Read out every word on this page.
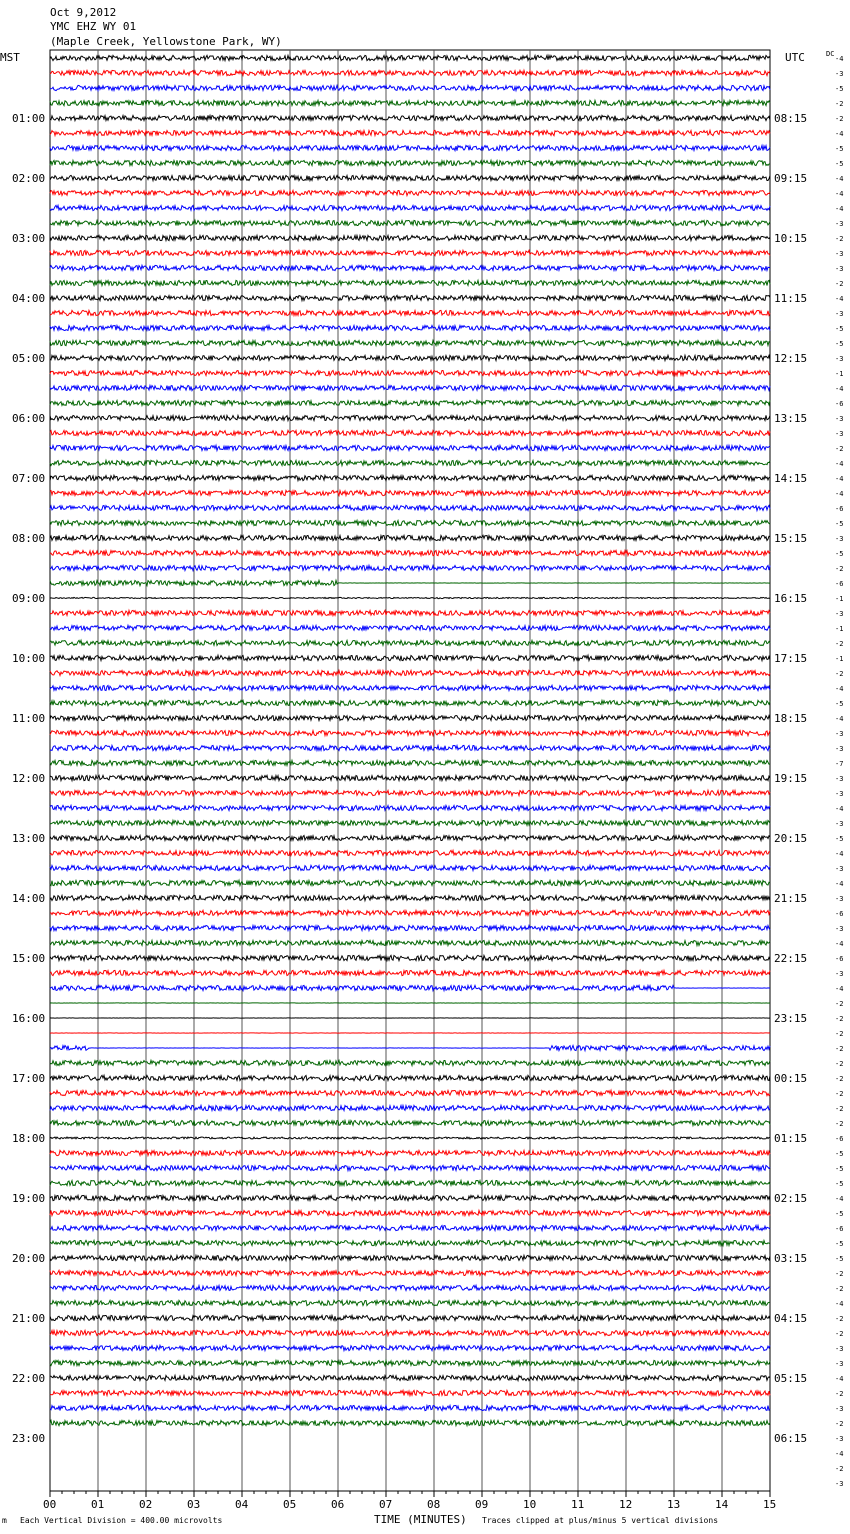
Oct 9,2012
YMC EHZ WY 01
(Maple Creek, Yellowstone Park, WY)
MST	UTC	DC
01:00
02:00
03:00
04:00
05:00
06:00
07:00
08:00
09:00
10:00
11:00
12:00
13:00
14:00
15:00
16:00
17:00
18:00
19:00
20:00
21:00
22:00
23:00
08:15
09:15
10:15
11:15
12:15
13:15
14:15
15:15
16:15
17:15
18:15
19:15
20:15
21:15
22:15
23:15
00:15
01:15
02:15
03:15
04:15
05:15
06:15
-4
-3
-5
-2
-2
-4
-5
-5
-4
-4
-4
-3
-2
-3
-3
-2
-4
-3
-5
-5
-3
-1
-4
-6
-3
-3
-2
-4
-4
-4
-6
-5
-3
-5
-2
-6
-1
-3
-1
-2
-1
-2
-4
-5
-4
-3
-3
-7
-3
-3
-4
-3
-5
-4
-3
-4
-3
-6
-3
-4
-6
-3
-4
-2
-2
-2
-2
-2
-2
-2
-2
-2
-6
-5
-5
-5
-4
-5
-6
-5
-5
-2
-2
-4
-2
-2
-3
-3
-4
-2
-3
-2
-3
-4
-2
-3
00	01	02	03	04	05	06	07	08	09	10	11	12	13	14	15
m Each Vertical Division = 400.00 microvolts	TIME (MINUTES) Traces clipped at plus/minus 5 vertical divisions
